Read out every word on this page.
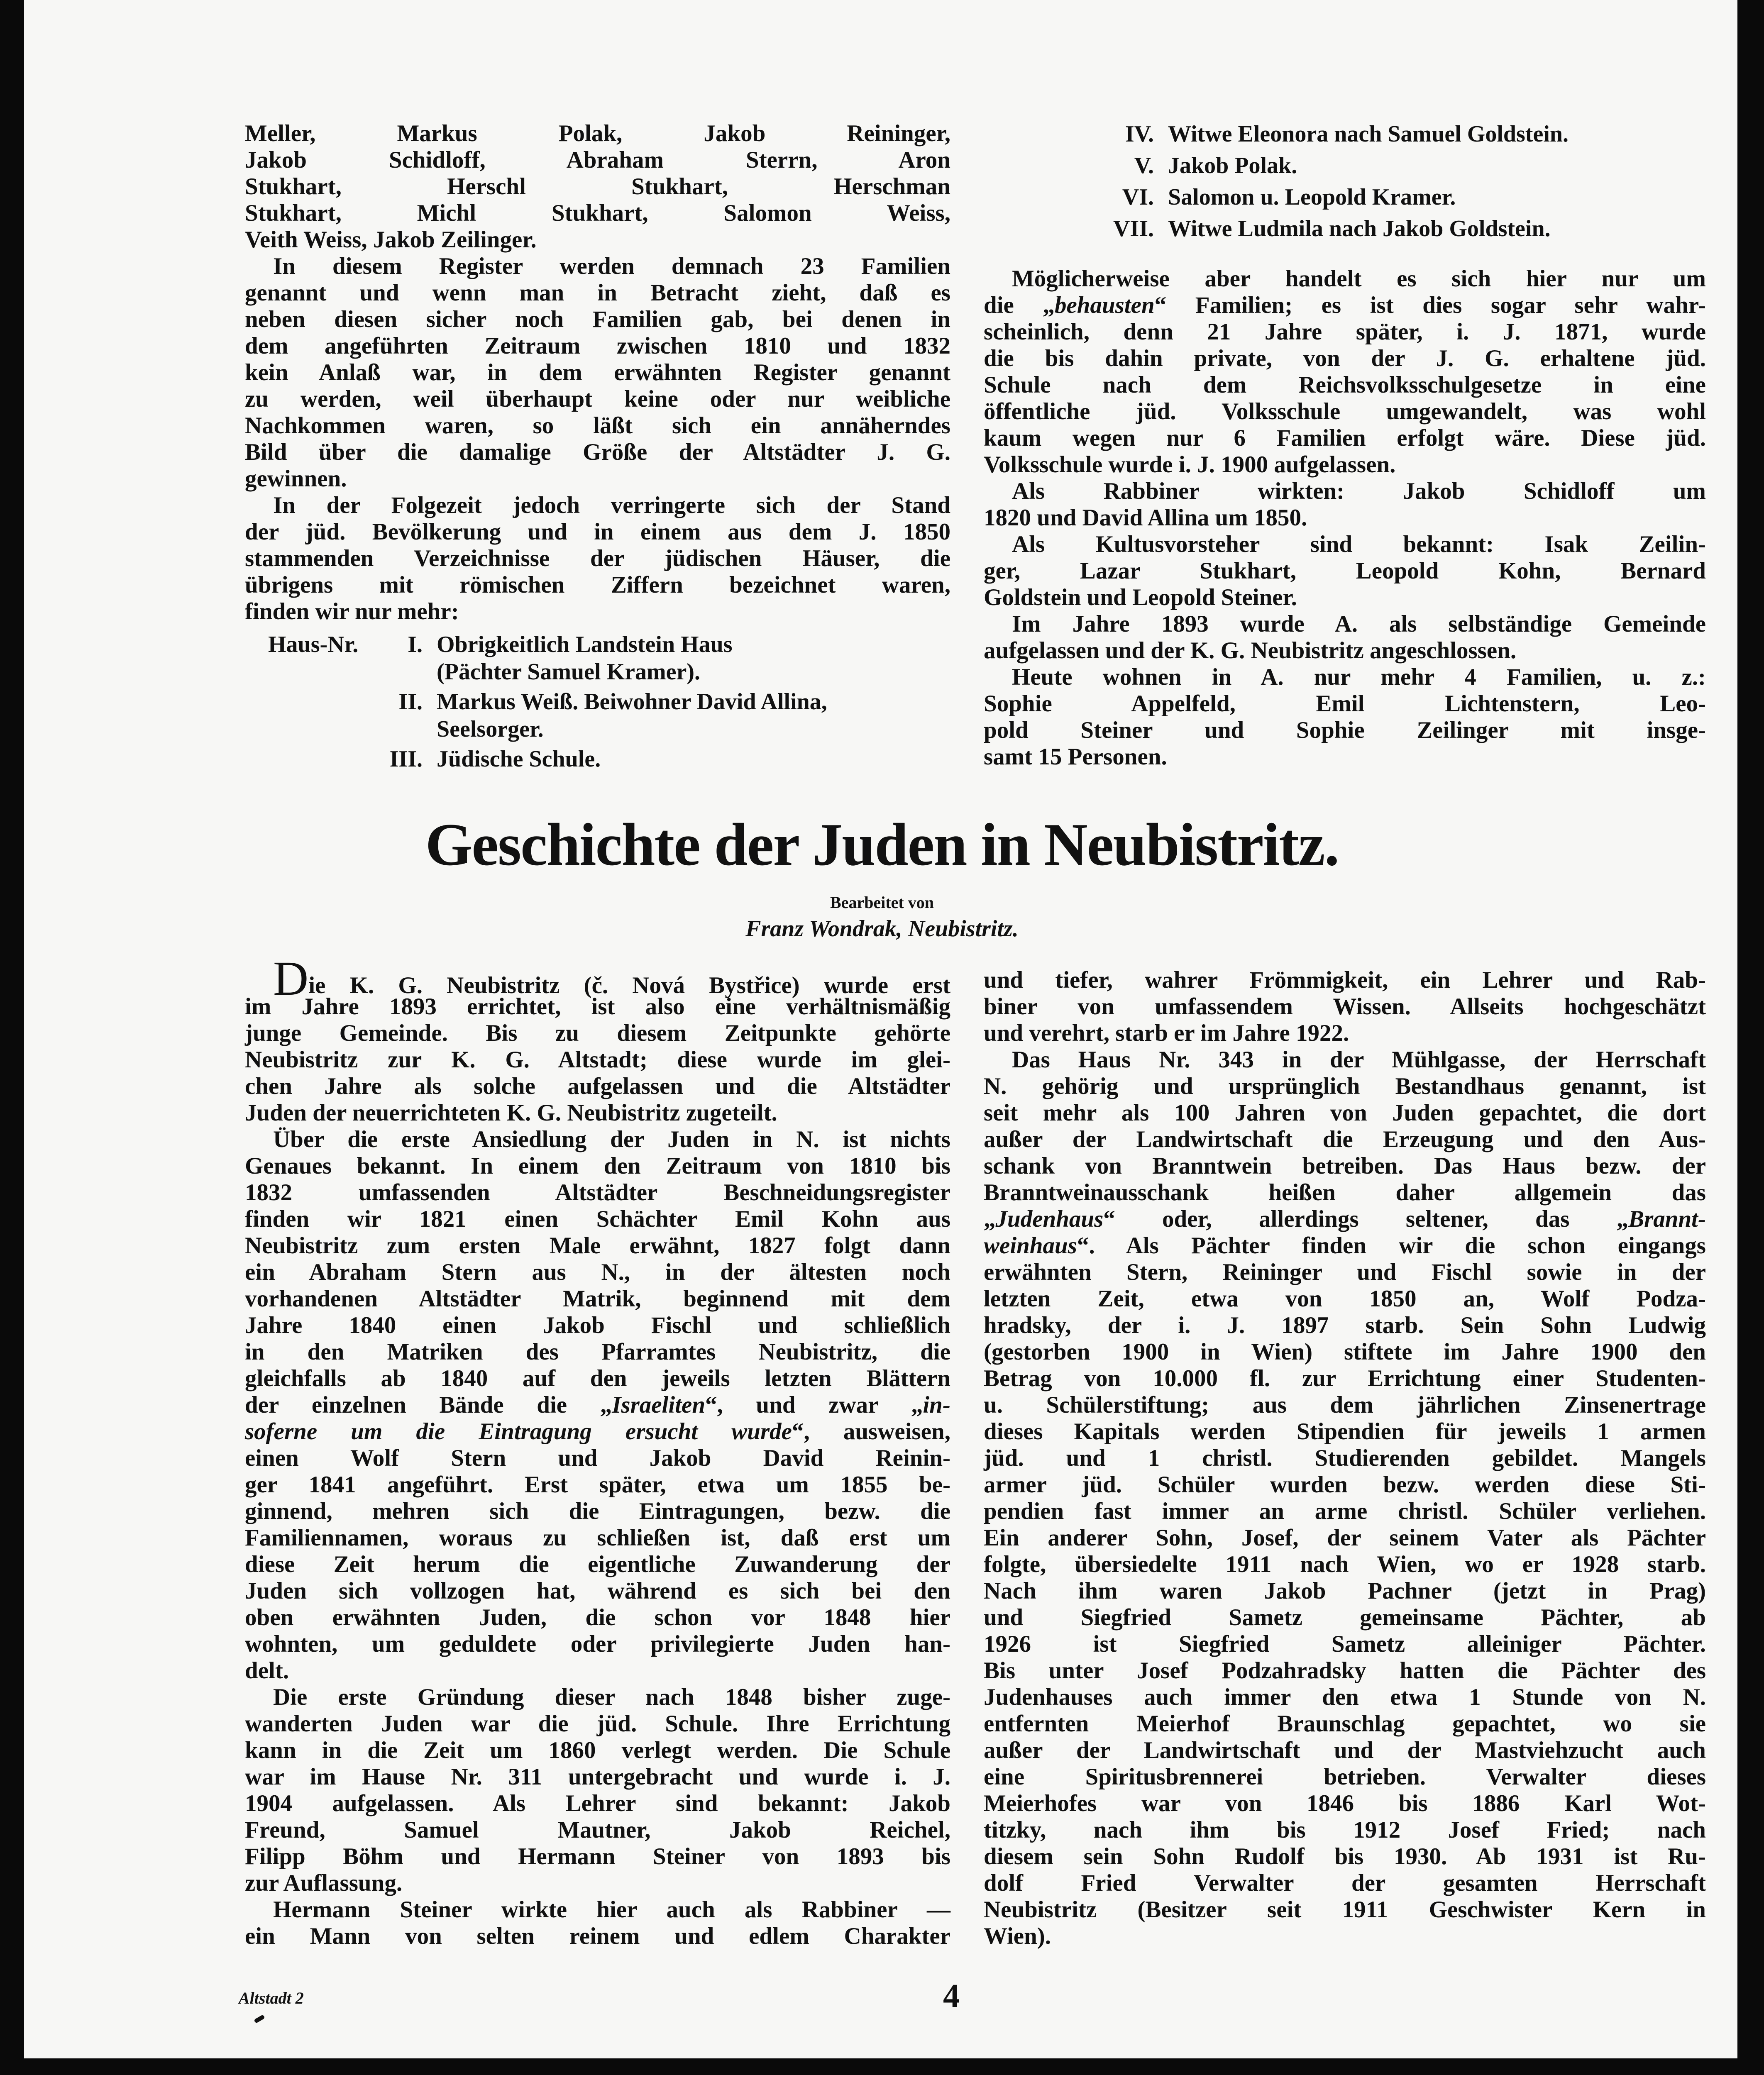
Meller, Markus Polak, Jakob Reininger,
Jakob Schidloff, Abraham Sterrn, Aron
Stukhart, Herschl Stukhart, Herschman
Stukhart, Michl Stukhart, Salomon Weiss,
Veith Weiss, Jakob Zeilinger.
In diesem Register werden demnach 23 Familien
genannt und wenn man in Betracht zieht, daß es
neben diesen sicher noch Familien gab, bei denen in
dem angeführten Zeitraum zwischen 1810 und 1832
kein Anlaß war, in dem erwähnten Register genannt
zu werden, weil überhaupt keine oder nur weibliche
Nachkommen waren, so läßt sich ein annäherndes
Bild über die damalige Größe der Altstädter J. G.
gewinnen.
In der Folgezeit jedoch verringerte sich der Stand
der jüd. Bevölkerung und in einem aus dem J. 1850
stammenden Verzeichnisse der jüdischen Häuser, die
übrigens mit römischen Ziffern bezeichnet waren,
finden wir nur mehr:
Haus-Nr.	I. Obrigkeitlich Landstein Haus
(Pächter Samuel Kramer).
II. Markus Weiß. Beiwohner David Allina,
Seelsorger.
III. Jüdische Schule.
IV. Witwe Eleonora nach Samuel Goldstein.
V. Jakob Polak.
VI. Salomon u. Leopold Kramer.
VII. Witwe Ludmila nach Jakob Goldstein.
Möglicherweise aber handelt es sich hier nur um
die „behausten“ Familien; es ist dies sogar sehr wahr-
scheinlich, denn 21 Jahre später, i. J. 1871, wurde
die bis dahin private, von der J. G. erhaltene jüd.
Schule nach dem Reichsvolksschulgesetze in eine
öffentliche jüd. Volksschule umgewandelt, was wohl
kaum wegen nur 6 Familien erfolgt wäre. Diese jüd.
Volksschule wurde i. J. 1900 aufgelassen.
Als Rabbiner wirkten: Jakob Schidloff um
1820 und David Allina um 1850.
Als Kultusvorsteher sind bekannt: Isak Zeilin-
ger, Lazar Stukhart, Leopold Kohn, Bernard
Goldstein und Leopold Steiner.
Im Jahre 1893 wurde A. als selbständige Gemeinde
aufgelassen und der K. G. Neubistritz angeschlossen.
Heute wohnen in A. nur mehr 4 Familien, u. z.:
Sophie Appelfeld, Emil Lichtenstern, Leo-
pold Steiner und Sophie Zeilinger mit insge-
samt 15 Personen.
Geschichte der Juden in Neubistritz.
Bearbeitet von
Franz Wondrak, Neubistritz.
Die K. G. Neubistritz (č. Nová Bystřice) wurde erst
im Jahre 1893 errichtet, ist also eine verhältnismäßig
junge Gemeinde. Bis zu diesem Zeitpunkte gehörte
Neubistritz zur K. G. Altstadt; diese wurde im glei-
chen Jahre als solche aufgelassen und die Altstädter
Juden der neuerrichteten K. G. Neubistritz zugeteilt.
Über die erste Ansiedlung der Juden in N. ist nichts
Genaues bekannt. In einem den Zeitraum von 1810 bis
1832 umfassenden Altstädter Beschneidungsregister
finden wir 1821 einen Schächter Emil Kohn aus
Neubistritz zum ersten Male erwähnt, 1827 folgt dann
ein Abraham Stern aus N., in der ältesten noch
vorhandenen Altstädter Matrik, beginnend mit dem
Jahre 1840 einen Jakob Fischl und schließlich
in den Matriken des Pfarramtes Neubistritz, die
gleichfalls ab 1840 auf den jeweils letzten Blättern
der einzelnen Bände die „Israeliten“, und zwar „in-
soferne um die Eintragung ersucht wurde“, ausweisen,
einen Wolf Stern und Jakob David Reinin-
ger 1841 angeführt. Erst später, etwa um 1855 be-
ginnend, mehren sich die Eintragungen, bezw. die
Familiennamen, woraus zu schließen ist, daß erst um
diese Zeit herum die eigentliche Zuwanderung der
Juden sich vollzogen hat, während es sich bei den
oben erwähnten Juden, die schon vor 1848 hier
wohnten, um geduldete oder privilegierte Juden han-
delt.
Die erste Gründung dieser nach 1848 bisher zuge-
wanderten Juden war die jüd. Schule. Ihre Errichtung
kann in die Zeit um 1860 verlegt werden. Die Schule
war im Hause Nr. 311 untergebracht und wurde i. J.
1904 aufgelassen. Als Lehrer sind bekannt: Jakob
Freund, Samuel Mautner, Jakob Reichel,
Filipp Böhm und Hermann Steiner von 1893 bis
zur Auflassung.
Hermann Steiner wirkte hier auch als Rabbiner —
ein Mann von selten reinem und edlem Charakter
und tiefer, wahrer Frömmigkeit, ein Lehrer und Rab-
biner von umfassendem Wissen. Allseits hochgeschätzt
und verehrt, starb er im Jahre 1922.
Das Haus Nr. 343 in der Mühlgasse, der Herrschaft
N. gehörig und ursprünglich Bestandhaus genannt, ist
seit mehr als 100 Jahren von Juden gepachtet, die dort
außer der Landwirtschaft die Erzeugung und den Aus-
schank von Branntwein betreiben. Das Haus bezw. der
Branntweinausschank heißen daher allgemein das
„Judenhaus“ oder, allerdings seltener, das „Brannt-
weinhaus“. Als Pächter finden wir die schon eingangs
erwähnten Stern, Reininger und Fischl sowie in der
letzten Zeit, etwa von 1850 an, Wolf Podza-
hradsky, der i. J. 1897 starb. Sein Sohn Ludwig
(gestorben 1900 in Wien) stiftete im Jahre 1900 den
Betrag von 10.000 fl. zur Errichtung einer Studenten-
u. Schülerstiftung; aus dem jährlichen Zinsenertrage
dieses Kapitals werden Stipendien für jeweils 1 armen
jüd. und 1 christl. Studierenden gebildet. Mangels
armer jüd. Schüler wurden bezw. werden diese Sti-
pendien fast immer an arme christl. Schüler verliehen.
Ein anderer Sohn, Josef, der seinem Vater als Pächter
folgte, übersiedelte 1911 nach Wien, wo er 1928 starb.
Nach ihm waren Jakob Pachner (jetzt in Prag)
und Siegfried Sametz gemeinsame Pächter, ab
1926 ist Siegfried Sametz alleiniger Pächter.
Bis unter Josef Podzahradsky hatten die Pächter des
Judenhauses auch immer den etwa 1 Stunde von N.
entfernten Meierhof Braunschlag gepachtet, wo sie
außer der Landwirtschaft und der Mastviehzucht auch
eine Spiritusbrennerei betrieben. Verwalter dieses
Meierhofes war von 1846 bis 1886 Karl Wot-
titzky, nach ihm bis 1912 Josef Fried; nach
diesem sein Sohn Rudolf bis 1930. Ab 1931 ist Ru-
dolf Fried Verwalter der gesamten Herrschaft
Neubistritz (Besitzer seit 1911 Geschwister Kern in
Wien).
Altstadt 2	4
